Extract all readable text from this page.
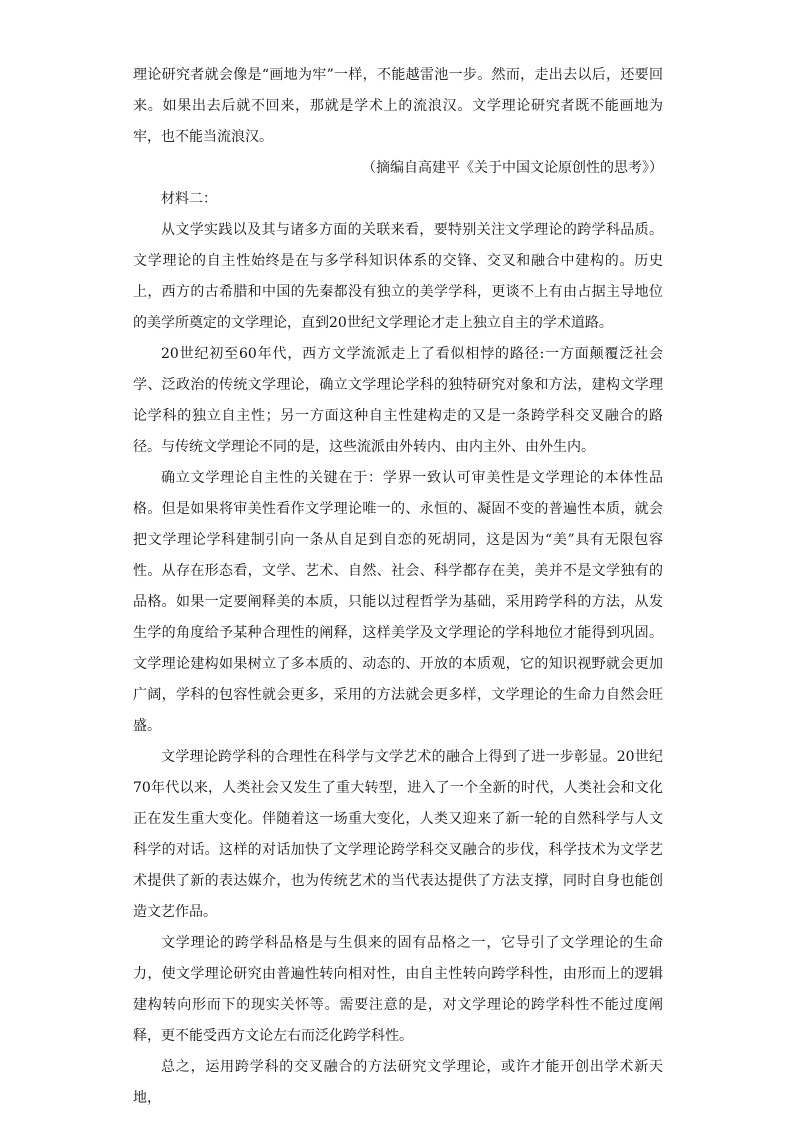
理论研究者就会像是“画地为牢”一样，不能越雷池一步。然而，走出去以后，还要回来。如果出去后就不回来，那就是学术上的流浪汉。文学理论研究者既不能画地为牢，也不能当流浪汉。

（摘编自高建平《关于中国文论原创性的思考》）

材料二：

从文学实践以及其与诸多方面的关联来看，要特别关注文学理论的跨学科品质。文学理论的自主性始终是在与多学科知识体系的交锋、交叉和融合中建构的。历史上，西方的古希腊和中国的先秦都没有独立的美学学科，更谈不上有由占据主导地位的美学所奠定的文学理论，直到20世纪文学理论才走上独立自主的学术道路。

20世纪初至60年代，西方文学流派走上了看似相悖的路径:一方面颠覆泛社会学、泛政治的传统文学理论，确立文学理论学科的独特研究对象和方法，建构文学理论学科的独立自主性；另一方面这种自主性建构走的又是一条跨学科交叉融合的路径。与传统文学理论不同的是，这些流派由外转内、由内主外、由外生内。

确立文学理论自主性的关键在于：学界一致认可审美性是文学理论的本体性品格。但是如果将审美性看作文学理论唯一的、永恒的、凝固不变的普遍性本质，就会把文学理论学科建制引向一条从自足到自恋的死胡同，这是因为“美”具有无限包容性。从存在形态看，文学、艺术、自然、社会、科学都存在美，美并不是文学独有的品格。如果一定要阐释美的本质，只能以过程哲学为基础，采用跨学科的方法，从发生学的角度给予某种合理性的阐释，这样美学及文学理论的学科地位才能得到巩固。文学理论建构如果树立了多本质的、动态的、开放的本质观，它的知识视野就会更加广阔，学科的包容性就会更多，采用的方法就会更多样，文学理论的生命力自然会旺盛。

文学理论跨学科的合理性在科学与文学艺术的融合上得到了进一步彰显。20世纪70年代以来，人类社会又发生了重大转型，进入了一个全新的时代，人类社会和文化正在发生重大变化。伴随着这一场重大变化，人类又迎来了新一轮的自然科学与人文科学的对话。这样的对话加快了文学理论跨学科交叉融合的步伐，科学技术为文学艺术提供了新的表达媒介，也为传统艺术的当代表达提供了方法支撑，同时自身也能创造文艺作品。

文学理论的跨学科品格是与生俱来的固有品格之一，它导引了文学理论的生命力，使文学理论研究由普遍性转向相对性，由自主性转向跨学科性，由形而上的逻辑建构转向形而下的现实关怀等。需要注意的是，对文学理论的跨学科性不能过度阐释，更不能受西方文论左右而泛化跨学科性。

总之，运用跨学科的交叉融合的方法研究文学理论，或许才能开创出学术新天地，
